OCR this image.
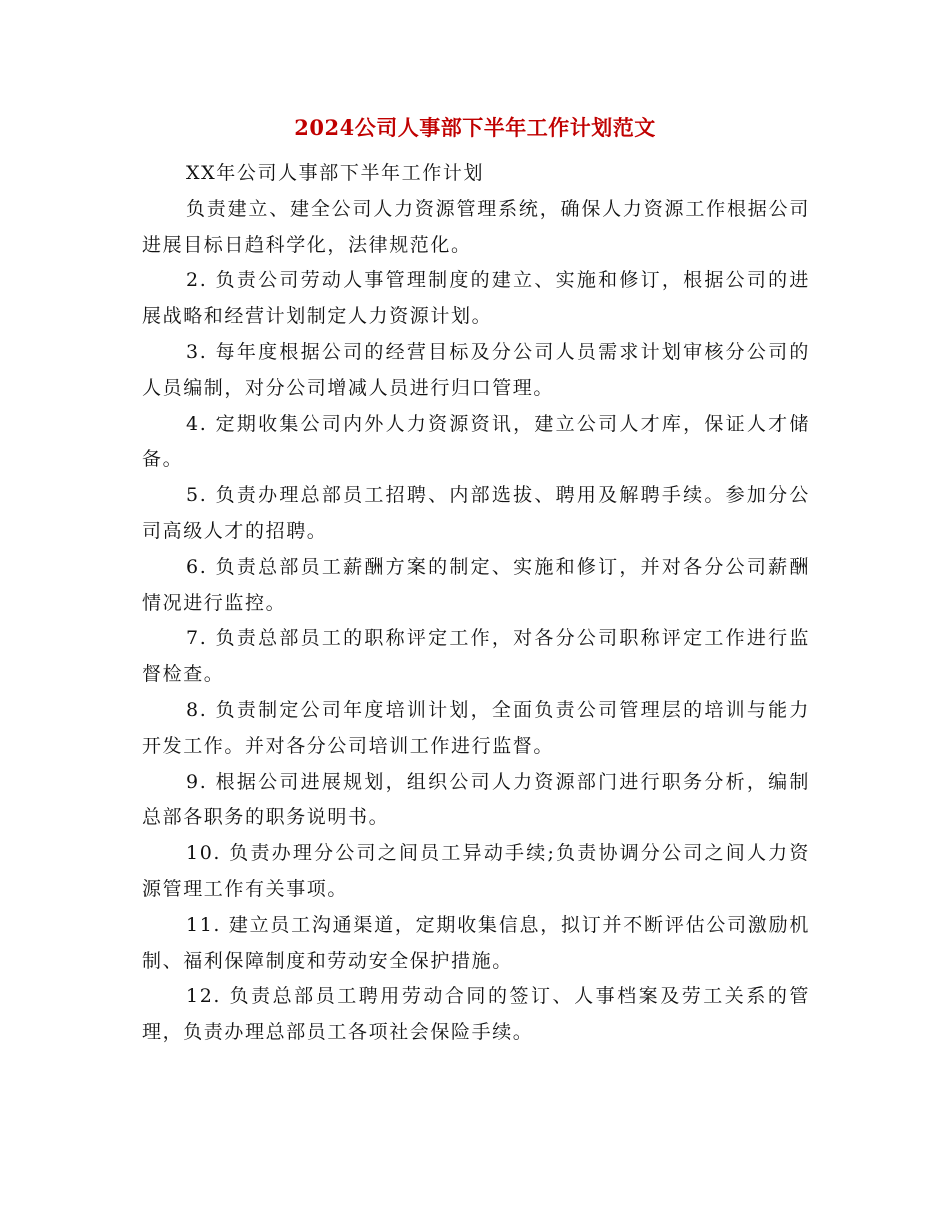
2024公司人事部下半年工作计划范文

XX年公司人事部下半年工作计划

负责建立、建全公司人力资源管理系统，确保人力资源工作根据公司进展目标日趋科学化，法律规范化。

2. 负责公司劳动人事管理制度的建立、实施和修订，根据公司的进展战略和经营计划制定人力资源计划。

3. 每年度根据公司的经营目标及分公司人员需求计划审核分公司的人员编制，对分公司增减人员进行归口管理。

4. 定期收集公司内外人力资源资讯，建立公司人才库，保证人才储备。

5. 负责办理总部员工招聘、内部选拔、聘用及解聘手续。参加分公司高级人才的招聘。

6. 负责总部员工薪酬方案的制定、实施和修订，并对各分公司薪酬情况进行监控。

7. 负责总部员工的职称评定工作，对各分公司职称评定工作进行监督检查。

8. 负责制定公司年度培训计划，全面负责公司管理层的培训与能力开发工作。并对各分公司培训工作进行监督。

9. 根据公司进展规划，组织公司人力资源部门进行职务分析，编制总部各职务的职务说明书。

10. 负责办理分公司之间员工异动手续;负责协调分公司之间人力资源管理工作有关事项。

11. 建立员工沟通渠道，定期收集信息，拟订并不断评估公司激励机制、福利保障制度和劳动安全保护措施。

12. 负责总部员工聘用劳动合同的签订、人事档案及劳工关系的管理，负责办理总部员工各项社会保险手续。
